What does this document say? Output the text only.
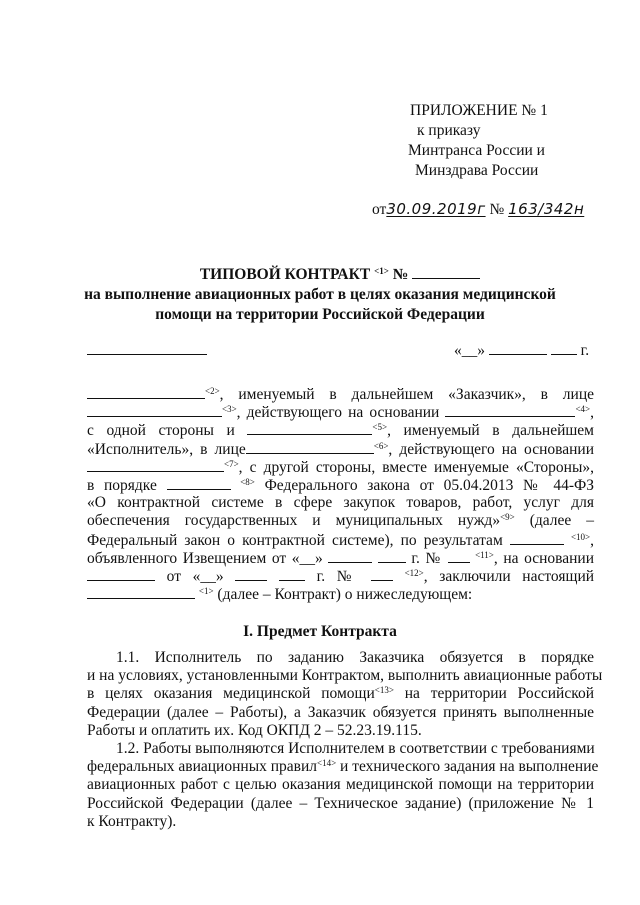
ПРИЛОЖЕНИЕ № 1
к приказу
Минтранса России и
Минздрава России
от30.09.2019г № 163/342н
ТИПОВОЙ КОНТРАКТ $^{<1>}$ №
на выполнение авиационных работ в целях оказания медицинской
помощи на территории Российской Федерации
«__»	г.
$^{<2>}$, именуемый в дальнейшем «Заказчик», в лице
$^{<3>}$, действующего на основании	$^{<4>}$,
с одной стороны и	$^{<5>}$, именуемый в дальнейшем
«Исполнитель», в лице	$^{<6>}$, действующего на основании
$^{<7>}$, с другой стороны, вместе именуемые «Стороны»,
в порядке	$^{<8>}$ Федерального закона от 05.04.2013 № 44-ФЗ
«О контрактной системе в сфере закупок товаров, работ, услуг для
обеспечения государственных и муниципальных нужд»$^{<9>}$ (далее –
Федеральный закон о контрактной системе), по результатам	$^{<10>}$,
объявленного Извещением от «__»	г. №	$^{<11>}$, на основании
от «__»	г. №	$^{<12>}$, заключили настоящий
$^{<1>}$ (далее – Контракт) о нижеследующем:
I. Предмет Контракта
1.1. Исполнитель по заданию Заказчика обязуется в порядке
и на условиях, установленными Контрактом, выполнить авиационные работы
в целях оказания медицинской помощи$^{<13>}$ на территории Российской
Федерации (далее – Работы), а Заказчик обязуется принять выполненные
Работы и оплатить их. Код ОКПД 2 – 52.23.19.115.
1.2. Работы выполняются Исполнителем в соответствии с требованиями
федеральных авиационных правил$^{<14>}$ и технического задания на выполнение
авиационных работ с целью оказания медицинской помощи на территории
Российской Федерации (далее – Техническое задание) (приложение № 1
к Контракту).
